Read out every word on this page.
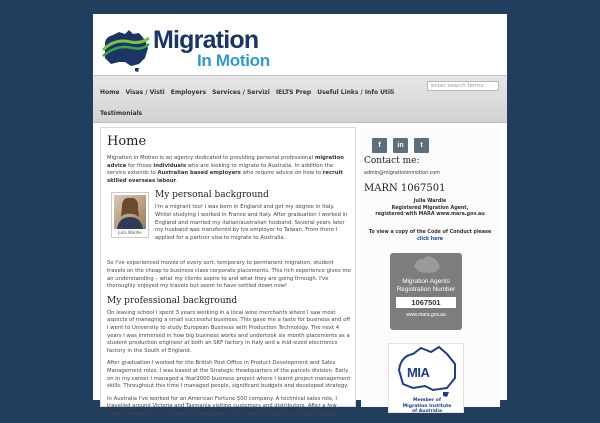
Migration
In Motion
Home Visas / Visti Employers Services / Servizi IELTS Prep Useful Links / Info Utili
Testimonials
enter search terms
Home

Migration in Motion is an agency dedicated to providing personal professional migration advice for those individuals who are looking to migrate to Australia. In addition the service extends to Australian based employers who require advice on how to recruit skilled overseas labour.

Julia Wardle
My personal background

I'm a migrant too! I was born in England and got my degree in Italy. Whilst studying I worked in France and Italy. After graduation I worked in England and married my italian/australian husband. Several years later my husband was transferred by his employer to Taiwan. From there I applied for a partner visa to migrate to Australia.

So I've experienced moves of every sort, temporary to permanent migration, student travels on the cheap to business class corporate placements. This rich experience gives me an understanding – what my clients aspire to and what they are going through. I've thoroughly enjoyed my travels but seem to have settled down now!

My professional background

On leaving school I spent 3 years working in a local wine merchants where I saw most aspects of managing a small successful business. This gave me a taste for business and off I went to University to study European Business with Production Technology. The next 4 years I was immersed in how big business works and undertook six month placements as a student production engineer at both an SKF factory in Italy and a mid-sized electronics factory in the South of England.

After graduation I worked for the British Post Office in Product Development and Sales Management roles. I was based at the Strategic Headquarters of the parcels division. Early on in my career I managed a Year2000 business project where I learnt project management skills. Throughout this time I managed people, significant budgets and developed strategy.

In Australia I've worked for an American Fortune 500 company. A technical sales role, I travelled around Victoria and Tasmania visiting customers and distributors. After a few years I moved back to a Product Management role covering Australia and New Zealand.

f in t
Contact me:
admin@migrationinmotion.com
MARN 1067501
Julia Wardle
Registered Migration Agent,
registered with MARA www.mara.gov.au
To view a copy of the Code of Conduct please
click here
Migration Agents
Registration Number
1067501
www.mara.gov.au
MIA
Member of
Migration Institute
of Australia
